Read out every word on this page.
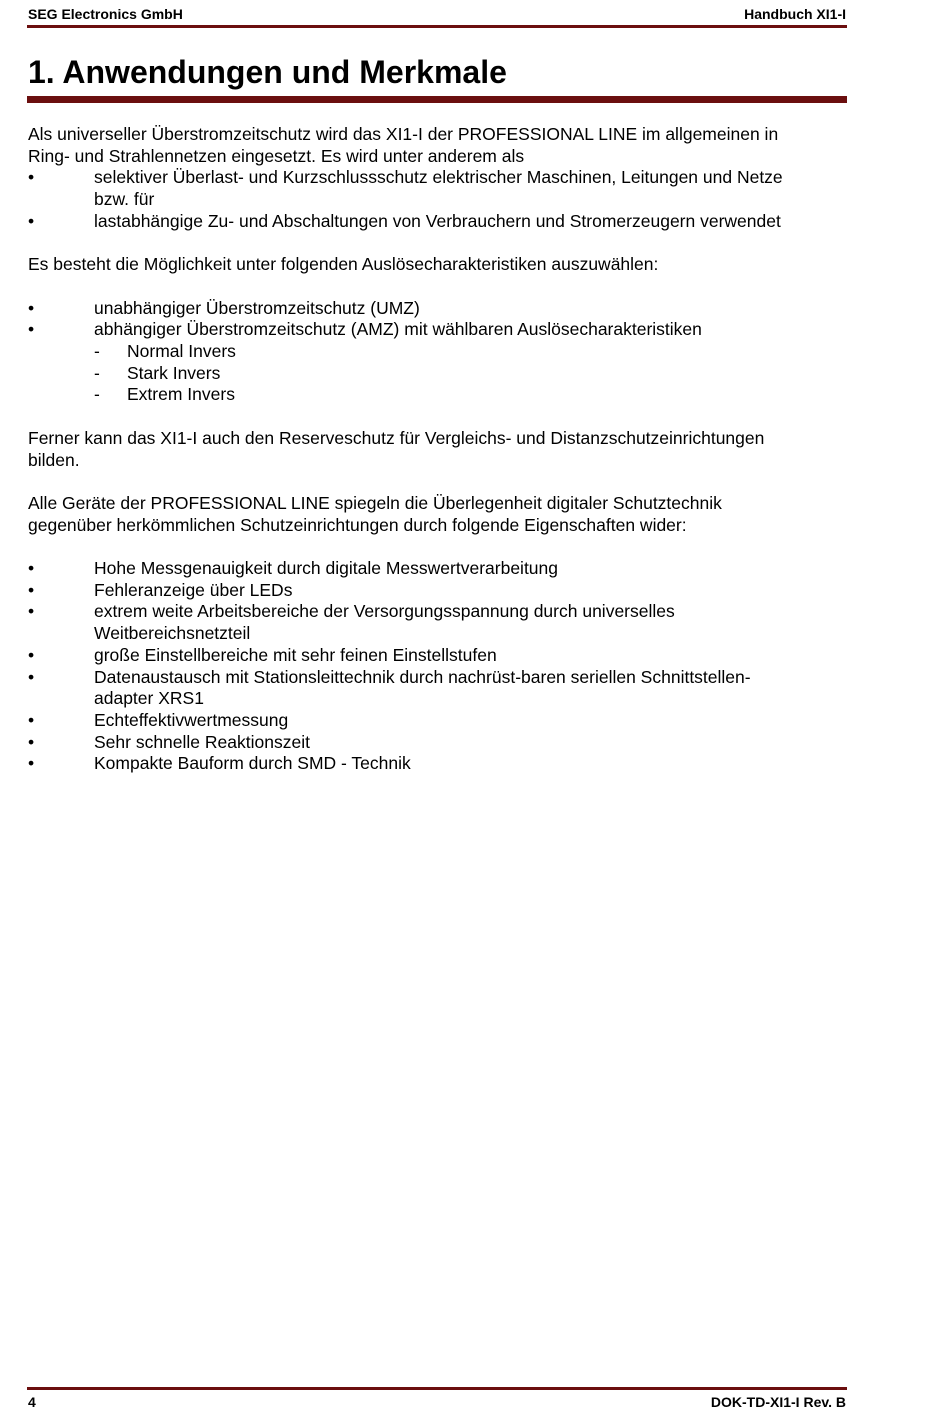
SEG Electronics GmbH	Handbuch XI1-I
1. Anwendungen und Merkmale

Als universeller Überstromzeitschutz wird das XI1-I der PROFESSIONAL LINE im allgemeinen in

Ring- und Strahlennetzen eingesetzt. Es wird unter anderem als

•	selektiver Überlast- und Kurzschlussschutz elektrischer Maschinen, Leitungen und Netze

bzw. für

•	lastabhängige Zu- und Abschaltungen von Verbrauchern und Stromerzeugern verwendet

Es besteht die Möglichkeit unter folgenden Auslösecharakteristiken auszuwählen:

•	unabhängiger Überstromzeitschutz (UMZ)

•	abhängiger Überstromzeitschutz (AMZ) mit wählbaren Auslösecharakteristiken

- Normal Invers

- Stark Invers

- Extrem Invers

Ferner kann das XI1-I auch den Reserveschutz für Vergleichs- und Distanzschutzeinrichtungen

bilden.

Alle Geräte der PROFESSIONAL LINE spiegeln die Überlegenheit digitaler Schutztechnik

gegenüber herkömmlichen Schutzeinrichtungen durch folgende Eigenschaften wider:

•	Hohe Messgenauigkeit durch digitale Messwertverarbeitung

•	Fehleranzeige über LEDs

•	extrem weite Arbeitsbereiche der Versorgungsspannung durch universelles

Weitbereichsnetzteil

•	große Einstellbereiche mit sehr feinen Einstellstufen

•	Datenaustausch mit Stationsleittechnik durch nachrüst-baren seriellen Schnittstellen-

adapter XRS1

•	Echteffektivwertmessung

•	Sehr schnelle Reaktionszeit

•	Kompakte Bauform durch SMD - Technik

4	DOK-TD-XI1-I Rev. B
